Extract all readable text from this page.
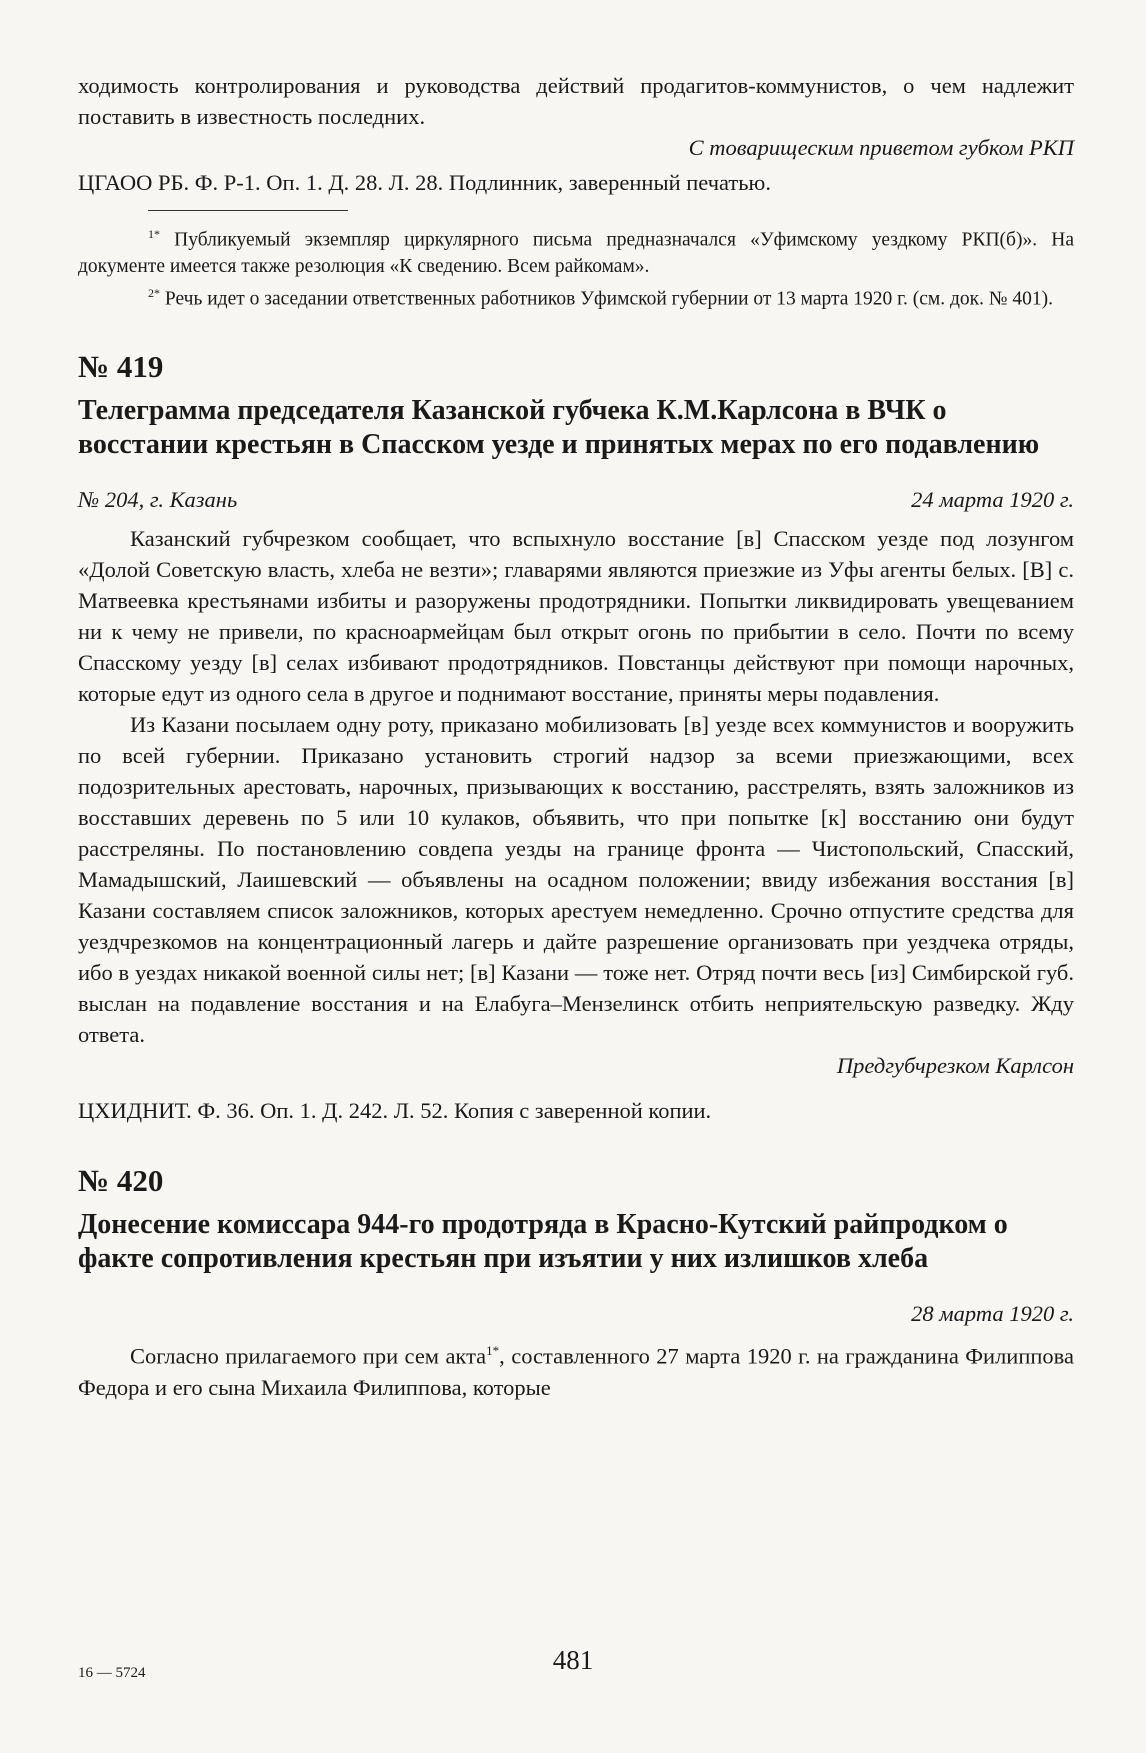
ходимость контролирования и руководства действий продагитов-коммунистов, о чем надлежит поставить в известность последних.

С товарищеским приветом губком РКП

ЦГАОО РБ. Ф. Р-1. Оп. 1. Д. 28. Л. 28. Подлинник, заверенный печатью.

$^{1*}$ Публикуемый экземпляр циркулярного письма предназначался «Уфимскому уездкому РКП(б)». На документе имеется также резолюция «К сведению. Всем райкомам».

$^{2*}$ Речь идет о заседании ответственных работников Уфимской губернии от 13 марта 1920 г. (см. док. № 401).

№ 419
Телеграмма председателя Казанской губчека К.М.Карлсона в ВЧК о восстании крестьян в Спасском уезде и принятых мерах по его подавлению
№ 204, г. Казань	24 марта 1920 г.

Казанский губчрезком сообщает, что вспыхнуло восстание [в] Спасском уезде под лозунгом «Долой Советскую власть, хлеба не везти»; главарями являются приезжие из Уфы агенты белых. [В] с. Матвеевка крестьянами избиты и разоружены продотрядники. Попытки ликвидировать увещеванием ни к чему не привели, по красноармейцам был открыт огонь по прибытии в село. Почти по всему Спасскому уезду [в] селах избивают продотрядников. Повстанцы действуют при помощи нарочных, которые едут из одного села в другое и поднимают восстание, приняты меры подавления.

Из Казани посылаем одну роту, приказано мобилизовать [в] уезде всех коммунистов и вооружить по всей губернии. Приказано установить строгий надзор за всеми приезжающими, всех подозрительных арестовать, нарочных, призывающих к восстанию, расстрелять, взять заложников из восставших деревень по 5 или 10 кулаков, объявить, что при попытке [к] восстанию они будут расстреляны. По постановлению совдепа уезды на границе фронта — Чистопольский, Спасский, Мамадышский, Лаишевский — объявлены на осадном положении; ввиду избежания восстания [в] Казани составляем список заложников, которых арестуем немедленно. Срочно отпустите средства для уездчрезкомов на концентрационный лагерь и дайте разрешение организовать при уездчека отряды, ибо в уездах никакой военной силы нет; [в] Казани — тоже нет. Отряд почти весь [из] Симбирской губ. выслан на подавление восстания и на Елабуга–Мензелинск отбить неприятельскую разведку. Жду ответа.

Предгубчрезком Карлсон

ЦХИДНИТ. Ф. 36. Оп. 1. Д. 242. Л. 52. Копия с заверенной копии.

№ 420
Донесение комиссара 944-го продотряда в Красно-Кутский райпродком о факте сопротивления крестьян при изъятии у них излишков хлеба
28 марта 1920 г.

Согласно прилагаемого при сем акта$^{1*}$, составленного 27 марта 1920 г. на гражданина Филиппова Федора и его сына Михаила Филиппова, которые

481
16 — 5724
